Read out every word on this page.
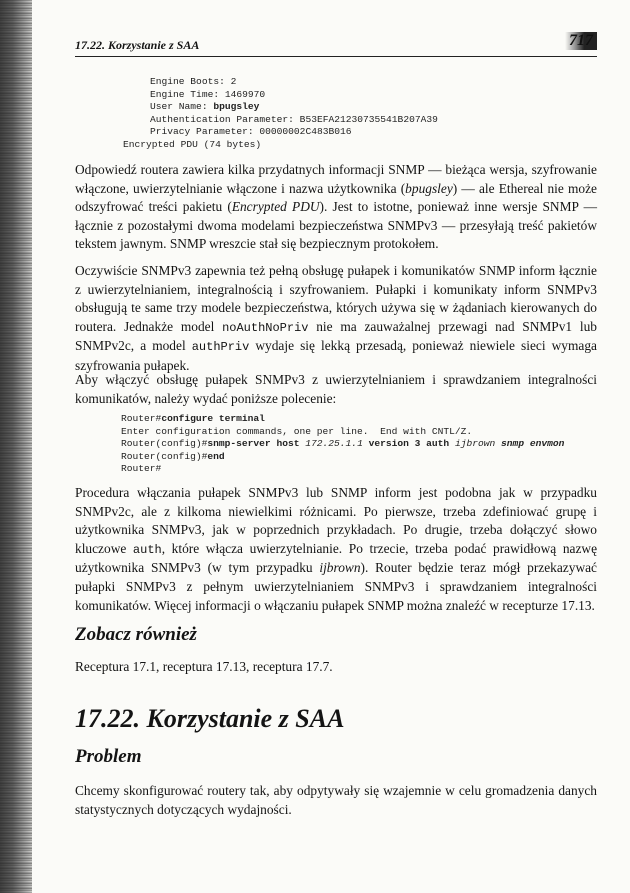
17.22. Korzystanie z SAA	717
Engine Boots: 2
Engine Time: 1469970
User Name: bpugsley
Authentication Parameter: B53EFA21230735541B207A39
Privacy Parameter: 00000002C483B016
Encrypted PDU (74 bytes)

Odpowiedź routera zawiera kilka przydatnych informacji SNMP — bieżąca wersja, szyfrowanie włączone, uwierzytelnianie włączone i nazwa użytkownika (bpugsley) — ale Ethereal nie może odszyfrować treści pakietu (Encrypted PDU). Jest to istotne, ponieważ inne wersje SNMP — łącznie z pozostałymi dwoma modelami bezpieczeństwa SNMPv3 — przesyłają treść pakietów tekstem jawnym. SNMP wreszcie stał się bezpiecznym protokołem.

Oczywiście SNMPv3 zapewnia też pełną obsługę pułapek i komunikatów SNMP inform łącznie z uwierzytelnianiem, integralnością i szyfrowaniem. Pułapki i komunikaty inform SNMPv3 obsługują te same trzy modele bezpieczeństwa, których używa się w żądaniach kierowanych do routera. Jednakże model noAuthNoPriv nie ma zauważalnej przewagi nad SNMPv1 lub SNMPv2c, a model authPriv wydaje się lekką przesadą, ponieważ niewiele sieci wymaga szyfrowania pułapek.

Aby włączyć obsługę pułapek SNMPv3 z uwierzytelnianiem i sprawdzaniem integralności komunikatów, należy wydać poniższe polecenie:

Router#configure terminal
Enter configuration commands, one per line.  End with CNTL/Z.
Router(config)#snmp-server host 172.25.1.1 version 3 auth ijbrown snmp envmon
Router(config)#end
Router#

Procedura włączania pułapek SNMPv3 lub SNMP inform jest podobna jak w przypadku SNMPv2c, ale z kilkoma niewielkimi różnicami. Po pierwsze, trzeba zdefiniować grupę i użytkownika SNMPv3, jak w poprzednich przykładach. Po drugie, trzeba dołączyć słowo kluczowe auth, które włącza uwierzytelnianie. Po trzecie, trzeba podać prawidłową nazwę użytkownika SNMPv3 (w tym przypadku ijbrown). Router będzie teraz mógł przekazywać pułapki SNMPv3 z pełnym uwierzytelnianiem SNMPv3 i sprawdzaniem integralności komunikatów. Więcej informacji o włączaniu pułapek SNMP można znaleźć w recepturze 17.13.

Zobacz również

Receptura 17.1, receptura 17.13, receptura 17.7.

17.22. Korzystanie z SAA
Problem

Chcemy skonfigurować routery tak, aby odpytywały się wzajemnie w celu gromadzenia danych statystycznych dotyczących wydajności.
